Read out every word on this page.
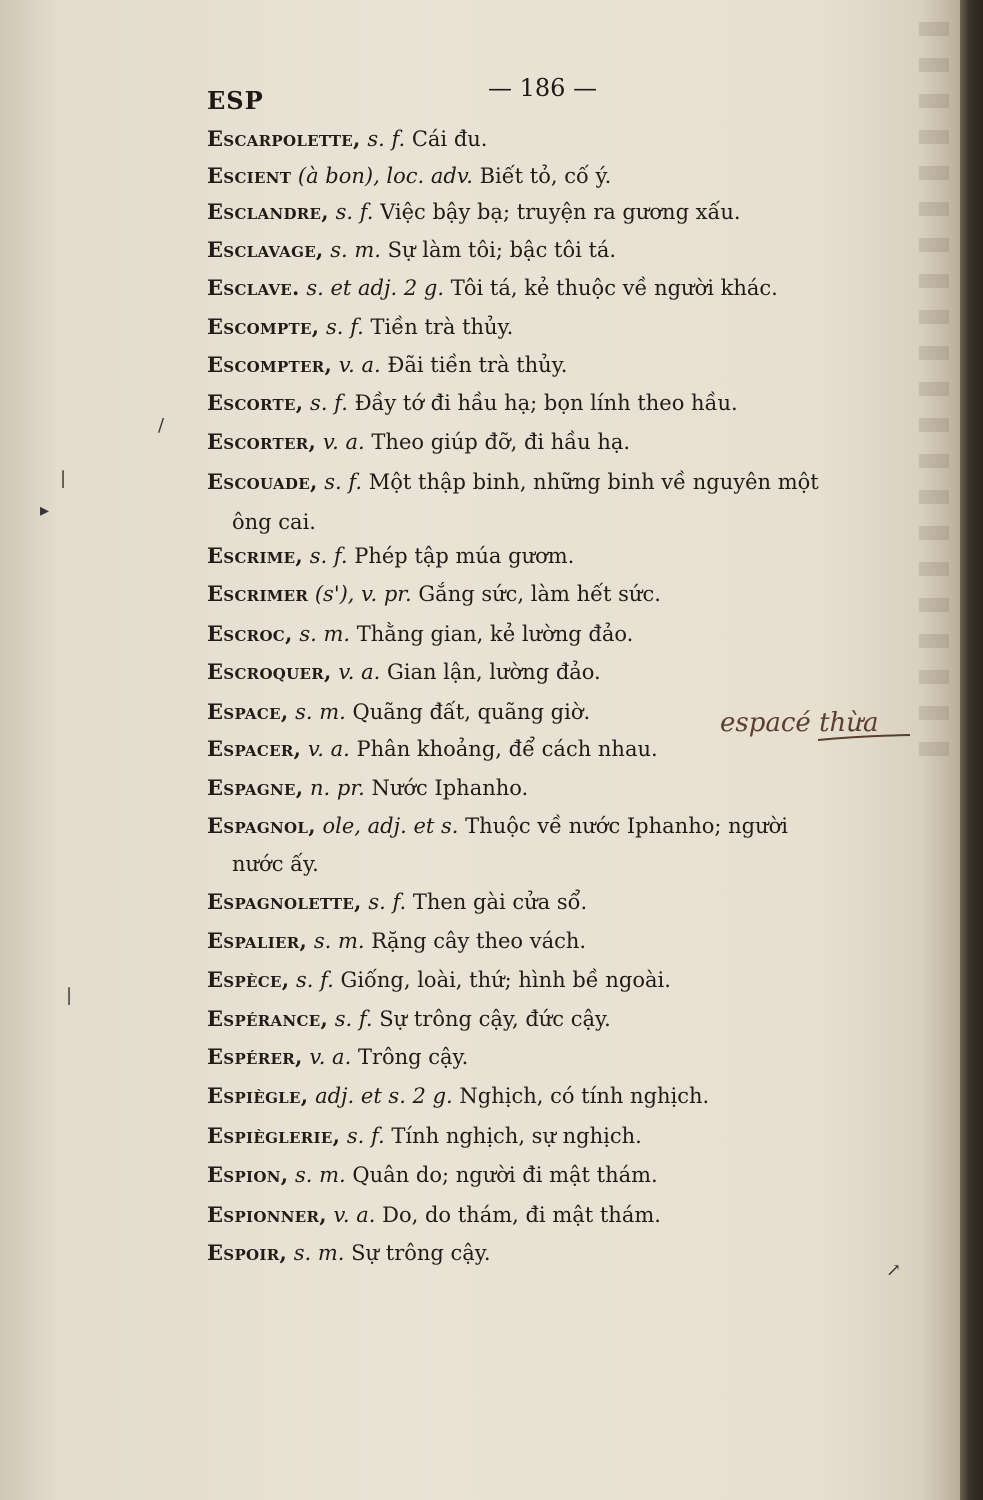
ESP	— 186 —
Escarpolette, s. f. Cái đu.
Escient (à bon), loc. adv. Biết tỏ, cố ý.
Esclandre, s. f. Việc bậy bạ; truyện ra gương xấu.
Esclavage, s. m. Sự làm tôi; bậc tôi tá.
Esclave. s. et adj. 2 g. Tôi tá, kẻ thuộc về người khác.
Escompte, s. f. Tiền trà thủy.
Escompter, v. a. Đãi tiền trà thủy.
Escorte, s. f. Đầy tớ đi hầu hạ; bọn lính theo hầu.
Escorter, v. a. Theo giúp đỡ, đi hầu hạ.
Escouade, s. f. Một thập binh, những binh về nguyên một
ông cai.
Escrime, s. f. Phép tập múa gươm.
Escrimer (s'), v. pr. Gắng sức, làm hết sức.
Escroc, s. m. Thằng gian, kẻ lường đảo.
Escroquer, v. a. Gian lận, lường đảo.
Espace, s. m. Quãng đất, quãng giờ.
Espacer, v. a. Phân khoảng, để cách nhau.
Espagne, n. pr. Nước Iphanho.
Espagnol, ole, adj. et s. Thuộc về nước Iphanho; người
nước ấy.
Espagnolette, s. f. Then gài cửa sổ.
Espalier, s. m. Rặng cây theo vách.
Espèce, s. f. Giống, loài, thứ; hình bề ngoài.
Espérance, s. f. Sự trông cậy, đức cậy.
Espérer, v. a. Trông cậy.
Espiègle, adj. et s. 2 g. Nghịch, có tính nghịch.
Espièglerie, s. f. Tính nghịch, sự nghịch.
Espion, s. m. Quân do; người đi mật thám.
Espionner, v. a. Do, do thám, đi mật thám.
Espoir, s. m. Sự trông cậy.
espacé thừa
/
|
▸
|
↗
